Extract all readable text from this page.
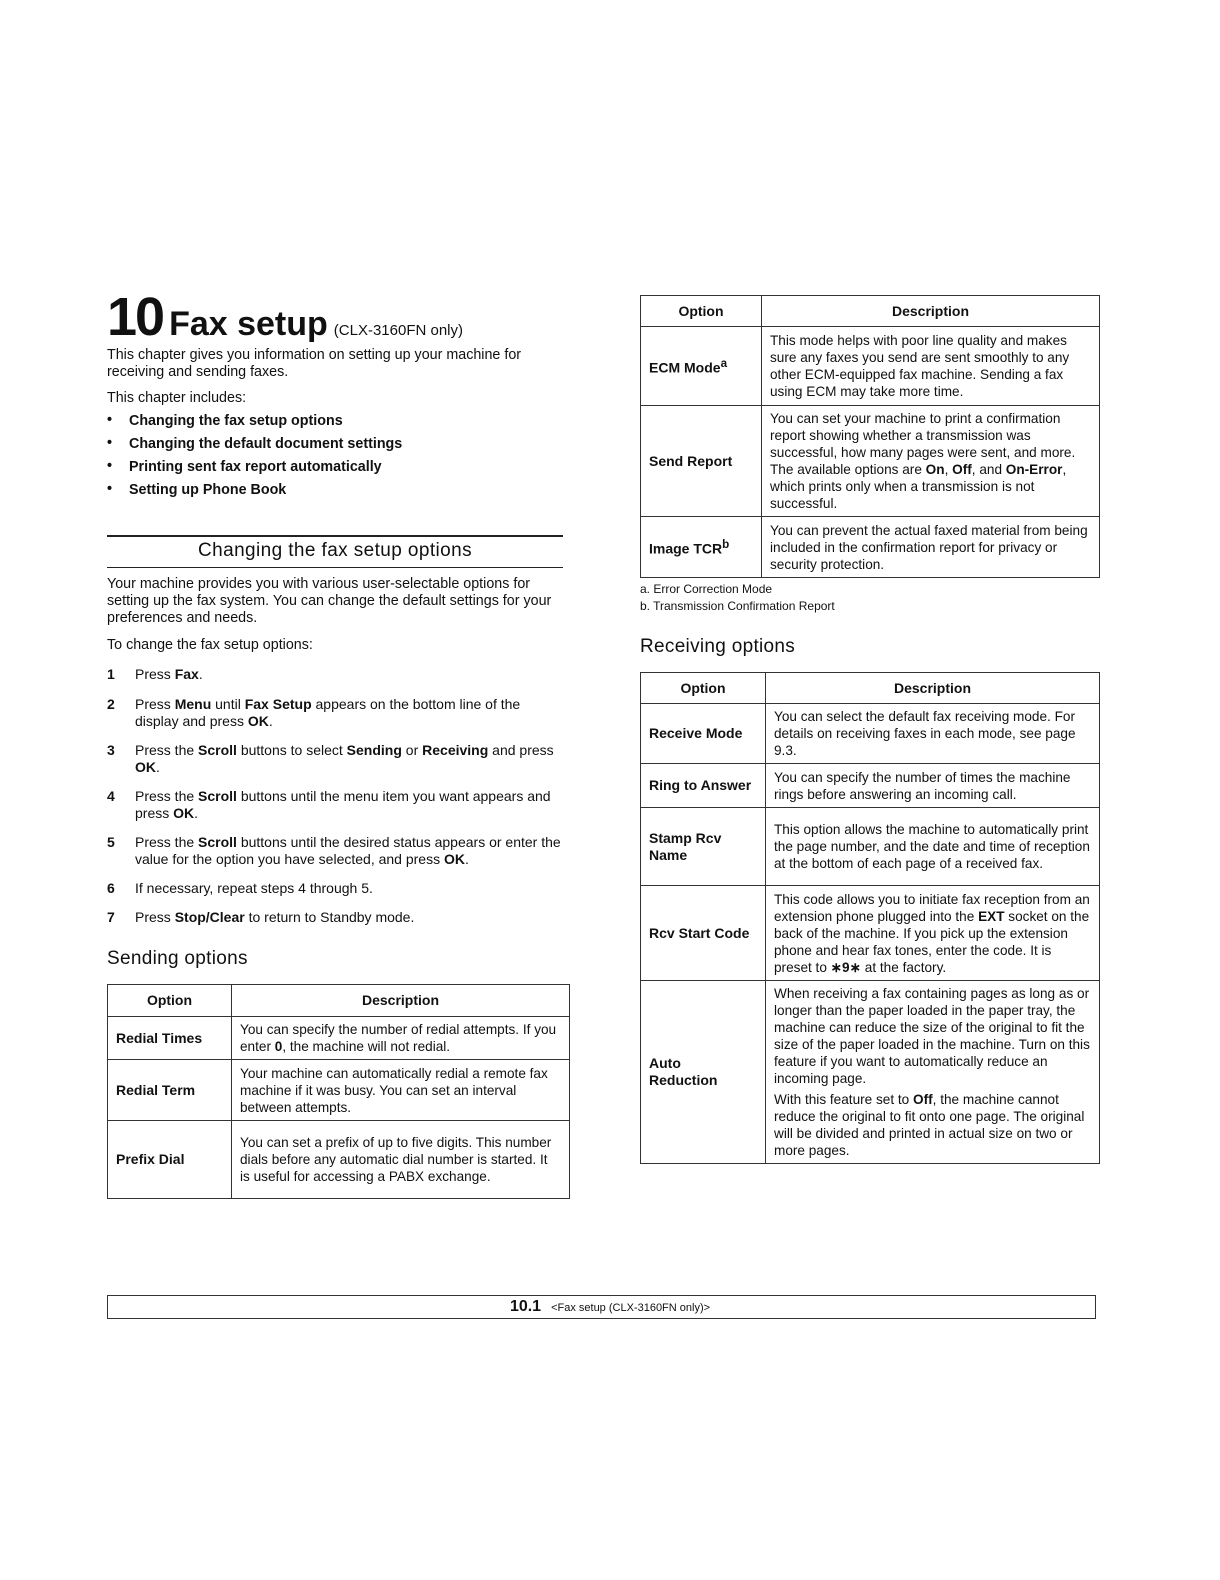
10 Fax setup (CLX-3160FN only)
This chapter gives you information on setting up your machine for receiving and sending faxes.
This chapter includes:
• Changing the fax setup options
• Changing the default document settings
• Printing sent fax report automatically
• Setting up Phone Book
Changing the fax setup options
Your machine provides you with various user-selectable options for setting up the fax system. You can change the default settings for your preferences and needs.
To change the fax setup options:
1 Press Fax.
2 Press Menu until Fax Setup appears on the bottom line of the display and press OK.
3 Press the Scroll buttons to select Sending or Receiving and press OK.
4 Press the Scroll buttons until the menu item you want appears and press OK.
5 Press the Scroll buttons until the desired status appears or enter the value for the option you have selected, and press OK.
6 If necessary, repeat steps 4 through 5.
7 Press Stop/Clear to return to Standby mode.
Sending options
Option	Description
Redial Times	You can specify the number of redial attempts. If you enter 0, the machine will not redial.
Redial Term	Your machine can automatically redial a remote fax machine if it was busy. You can set an interval between attempts.
Prefix Dial	You can set a prefix of up to five digits. This number dials before any automatic dial number is started. It is useful for accessing a PABX exchange.
Option	Description
ECM Mode$^a$	This mode helps with poor line quality and makes sure any faxes you send are sent smoothly to any other ECM-equipped fax machine. Sending a fax using ECM may take more time.
Send Report	You can set your machine to print a confirmation report showing whether a transmission was successful, how many pages were sent, and more. The available options are On, Off, and On-Error, which prints only when a transmission is not successful.
Image TCR$^b$	You can prevent the actual faxed material from being included in the confirmation report for privacy or security protection.
a. Error Correction Mode
b. Transmission Confirmation Report
Receiving options
Option	Description
Receive Mode	You can select the default fax receiving mode. For details on receiving faxes in each mode, see page 9.3.
Ring to Answer	You can specify the number of times the machine rings before answering an incoming call.
Stamp Rcv Name	This option allows the machine to automatically print the page number, and the date and time of reception at the bottom of each page of a received fax.
Rcv Start Code	This code allows you to initiate fax reception from an extension phone plugged into the EXT socket on the back of the machine. If you pick up the extension phone and hear fax tones, enter the code. It is preset to ∗9∗ at the factory.
Auto Reduction	When receiving a fax containing pages as long as or longer than the paper loaded in the paper tray, the machine can reduce the size of the original to fit the size of the paper loaded in the machine. Turn on this feature if you want to automatically reduce an incoming page.
With this feature set to Off, the machine cannot reduce the original to fit onto one page. The original will be divided and printed in actual size on two or more pages.
10.1 <Fax setup (CLX-3160FN only)>
